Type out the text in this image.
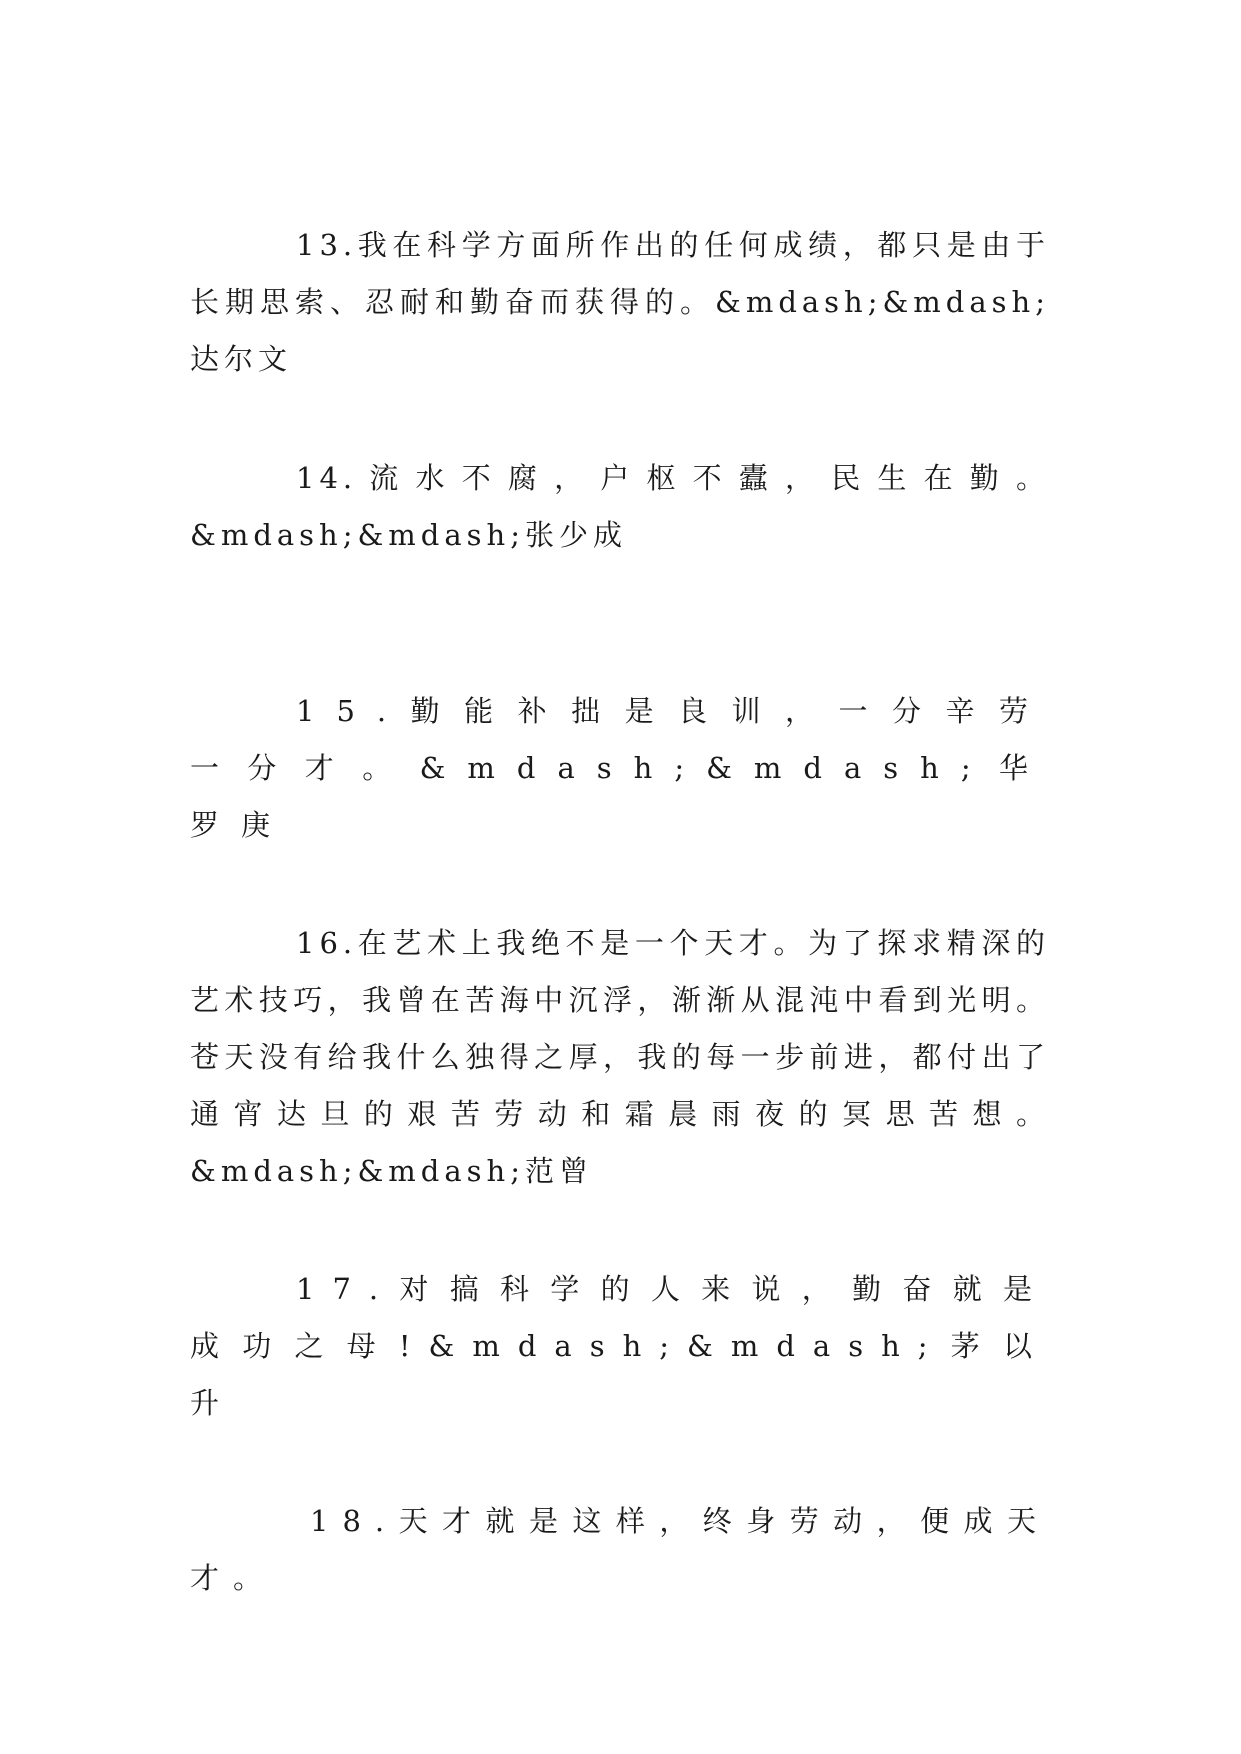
13.我在科学方面所作出的任何成绩，都只是由于长期思索、忍耐和勤奋而获得的。&mdash;&mdash;达尔文

14.流水不腐，户枢不蠹，民生在勤。&mdash;&mdash;张少成

15.勤能补拙是良训，一分辛劳一分才。&mdash;&mdash;华罗庚

16.在艺术上我绝不是一个天才。为了探求精深的艺术技巧，我曾在苦海中沉浮，渐渐从混沌中看到光明。苍天没有给我什么独得之厚，我的每一步前进，都付出了通宵达旦的艰苦劳动和霜晨雨夜的冥思苦想。&mdash;&mdash;范曾

17.对搞科学的人来说，勤奋就是成功之母!&mdash;&mdash;茅以升

18.天才就是这样，终身劳动，便成天才。
